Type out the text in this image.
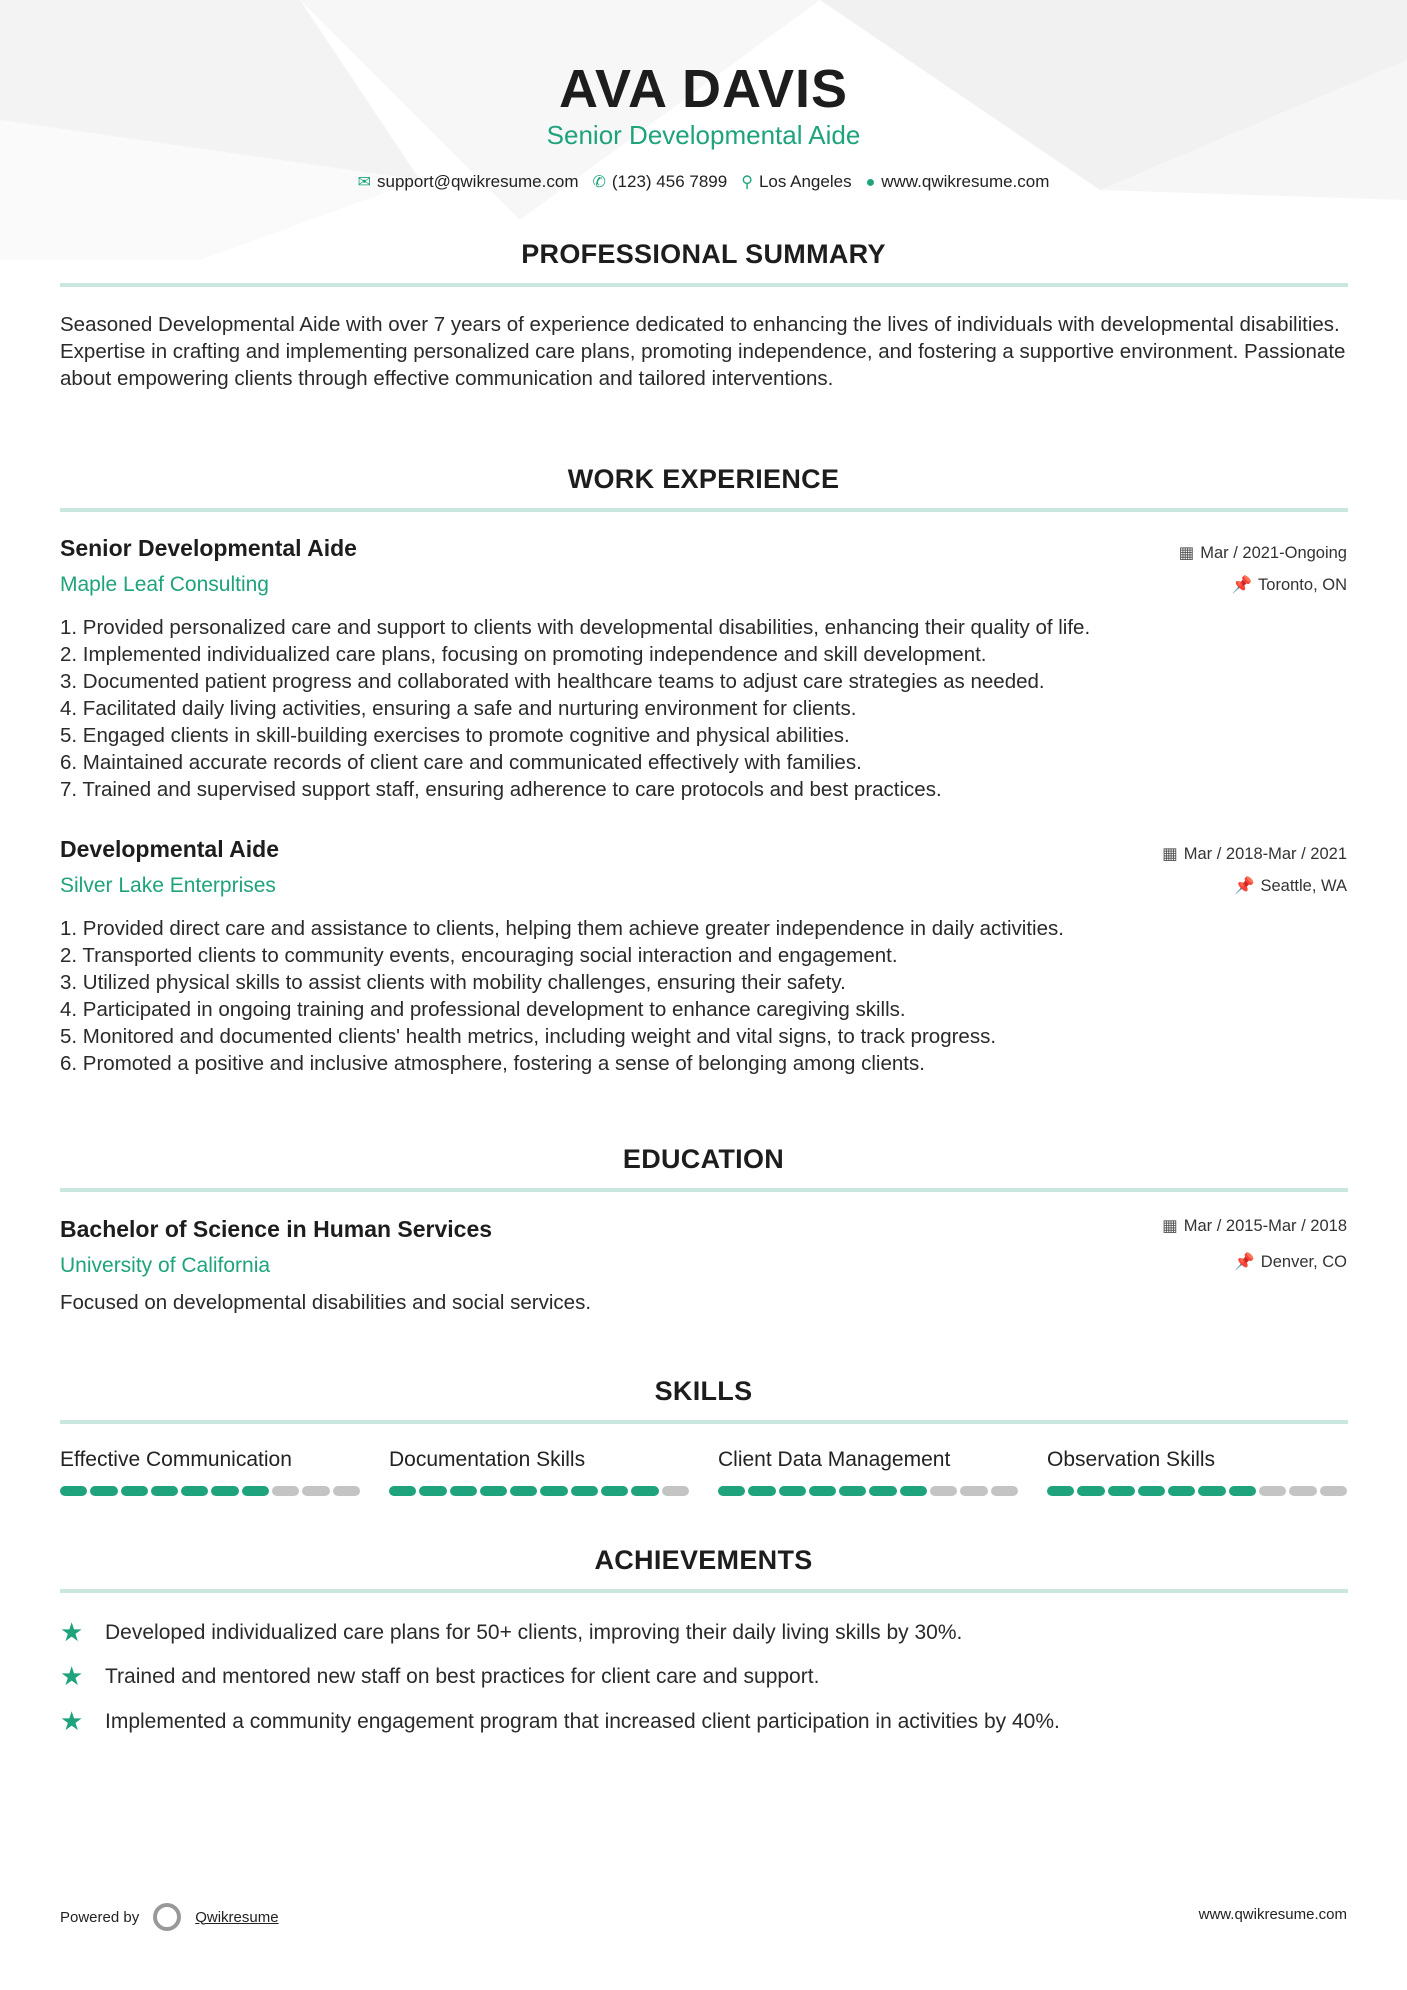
AVA DAVIS
Senior Developmental Aide
✉ support@qwikresume.com ✆ (123) 456 7899 ⚲ Los Angeles ● www.qwikresume.com
PROFESSIONAL SUMMARY
Seasoned Developmental Aide with over 7 years of experience dedicated to enhancing the lives of individuals with developmental disabilities. Expertise in crafting and implementing personalized care plans, promoting independence, and fostering a supportive environment. Passionate about empowering clients through effective communication and tailored interventions.
WORK EXPERIENCE
Senior Developmental Aide
Maple Leaf Consulting
▦ Mar / 2021-Ongoing
📌 Toronto, ON
1. Provided personalized care and support to clients with developmental disabilities, enhancing their quality of life.
2. Implemented individualized care plans, focusing on promoting independence and skill development.
3. Documented patient progress and collaborated with healthcare teams to adjust care strategies as needed.
4. Facilitated daily living activities, ensuring a safe and nurturing environment for clients.
5. Engaged clients in skill-building exercises to promote cognitive and physical abilities.
6. Maintained accurate records of client care and communicated effectively with families.
7. Trained and supervised support staff, ensuring adherence to care protocols and best practices.
Developmental Aide
Silver Lake Enterprises
▦ Mar / 2018-Mar / 2021
📌 Seattle, WA
1. Provided direct care and assistance to clients, helping them achieve greater independence in daily activities.
2. Transported clients to community events, encouraging social interaction and engagement.
3. Utilized physical skills to assist clients with mobility challenges, ensuring their safety.
4. Participated in ongoing training and professional development to enhance caregiving skills.
5. Monitored and documented clients' health metrics, including weight and vital signs, to track progress.
6. Promoted a positive and inclusive atmosphere, fostering a sense of belonging among clients.
EDUCATION
Bachelor of Science in Human Services
University of California
▦ Mar / 2015-Mar / 2018
📌 Denver, CO
Focused on developmental disabilities and social services.
SKILLS
Effective Communication	Documentation Skills	Client Data Management	Observation Skills
ACHIEVEMENTS
★	Developed individualized care plans for 50+ clients, improving their daily living skills by 30%.
★	Trained and mentored new staff on best practices for client care and support.
★	Implemented a community engagement program that increased client participation in activities by 40%.
Powered by	Qwikresume	www.qwikresume.com
